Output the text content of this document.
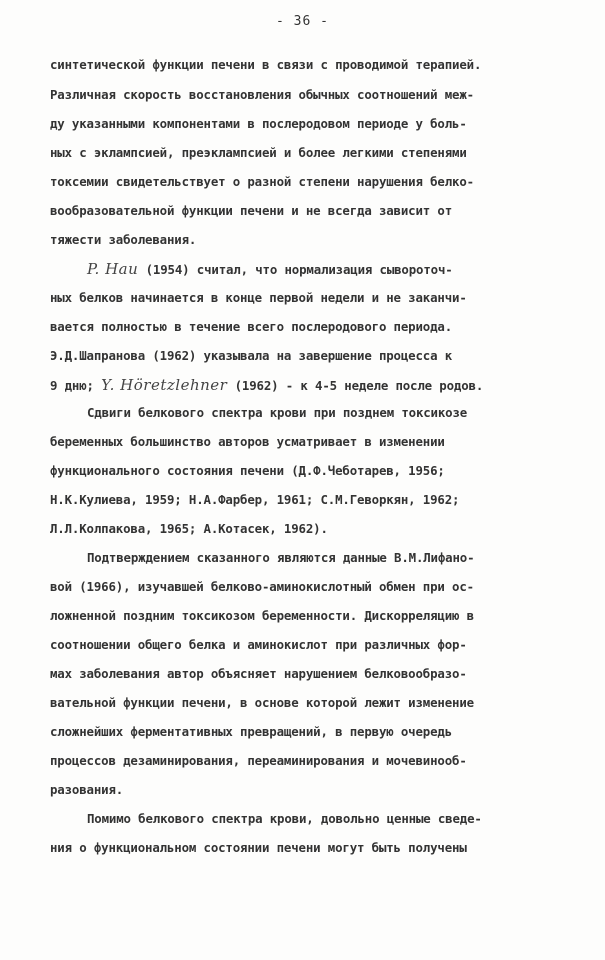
- 36 -
синтетической функции печени в связи с проводимой терапией.
Различная скорость восстановления обычных соотношений меж-
ду указанными компонентами в послеродовом периоде у боль-
ных с эклампсией, преэклампсией и более легкими степенями
токсемии свидетельствует о разной степени нарушения белко-
вообразовательной функции печени и не всегда зависит от
тяжести заболевания.
P. Hau (1954) считал, что нормализация сывороточ-
ных белков начинается в конце первой недели и не заканчи-
вается полностью в течение всего послеродового периода.
Э.Д.Шапранова (1962) указывала на завершение процесса к
9 дню; Y. Höretzlehner (1962) - к 4-5 неделе после родов.
Сдвиги белкового спектра крови при позднем токсикозе
беременных большинство авторов усматривает в изменении
функционального состояния печени (Д.Ф.Чеботарев, 1956;
Н.К.Кулиева, 1959; Н.А.Фарбер, 1961; С.М.Геворкян, 1962;
Л.Л.Колпакова, 1965; А.Котасек, 1962).
Подтверждением сказанного являются данные В.М.Лифано-
вой (1966), изучавшей белково-аминокислотный обмен при ос-
ложненной поздним токсикозом беременности. Дискорреляцию в
соотношении общего белка и аминокислот при различных фор-
мах заболевания автор объясняет нарушением белковообразо-
вательной функции печени, в основе которой лежит изменение
сложнейших ферментативных превращений, в первую очередь
процессов дезаминирования, переаминирования и мочевинооб-
разования.
Помимо белкового спектра крови, довольно ценные сведе-
ния о функциональном состоянии печени могут быть получены
